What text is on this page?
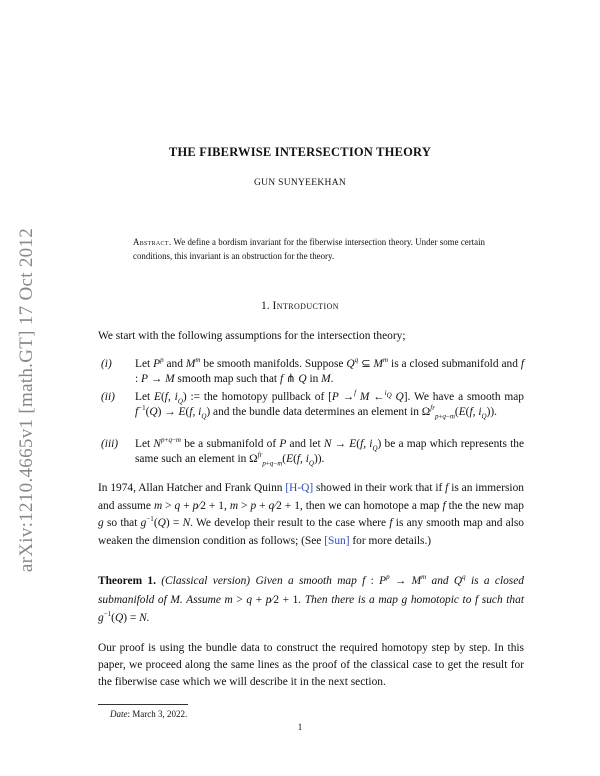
arXiv:1210.4665v1 [math.GT] 17 Oct 2012
THE FIBERWISE INTERSECTION THEORY
GUN SUNYEEKHAN
Abstract. We define a bordism invariant for the fiberwise intersection theory. Under some certain conditions, this invariant is an obstruction for the theory.
1. Introduction
We start with the following assumptions for the intersection theory;
(i)	Let $P^p$ and $M^m$ be smooth manifolds. Suppose $Q^q$ ⊆ $M^m$ is a closed submanifold and f : P → M smooth map such that f ⋔ Q in M.
(ii)	Let E(f, $i_Q$) := the homotopy pullback of [P →$^f$ M ←$^{i_Q}$ Q]. We have a smooth map $f^{-1}(Q) \to E(f$, $i_Q$) and the bundle data determines an element in $\Omega^{fr}_{p+q-m}(E(f$, $i_Q$)).
(iii)	Let $N^{p+q-m}$ be a submanifold of P and let N → E(f, $i_Q$) be a map which represents the same such an element in $\Omega^{fr}_{p+q-m}(E(f$, $i_Q$)).
In 1974, Allan Hatcher and Frank Quinn [H-Q] showed in their work that if f is an immersion and assume m > q + p⁄2 + 1, m > p + q⁄2 + 1, then we can homotope a map f the the new map g so that $g^{-1}(Q) = N$. We develop their result to the case where f is any smooth map and also weaken the dimension condition as follows; (See [Sun] for more details.)
Theorem 1. (Classical version) Given a smooth map f : $P^p \to M^m$ and $Q^q$ is a closed submanifold of M. Assume m > q + p⁄2 + 1. Then there is a map g homotopic to f such that $g^{-1}(Q) = N$.
Our proof is using the bundle data to construct the required homotopy step by step. In this paper, we proceed along the same lines as the proof of the classical case to get the result for the fiberwise case which we will describe it in the next section.
Date: March 3, 2022.
1
